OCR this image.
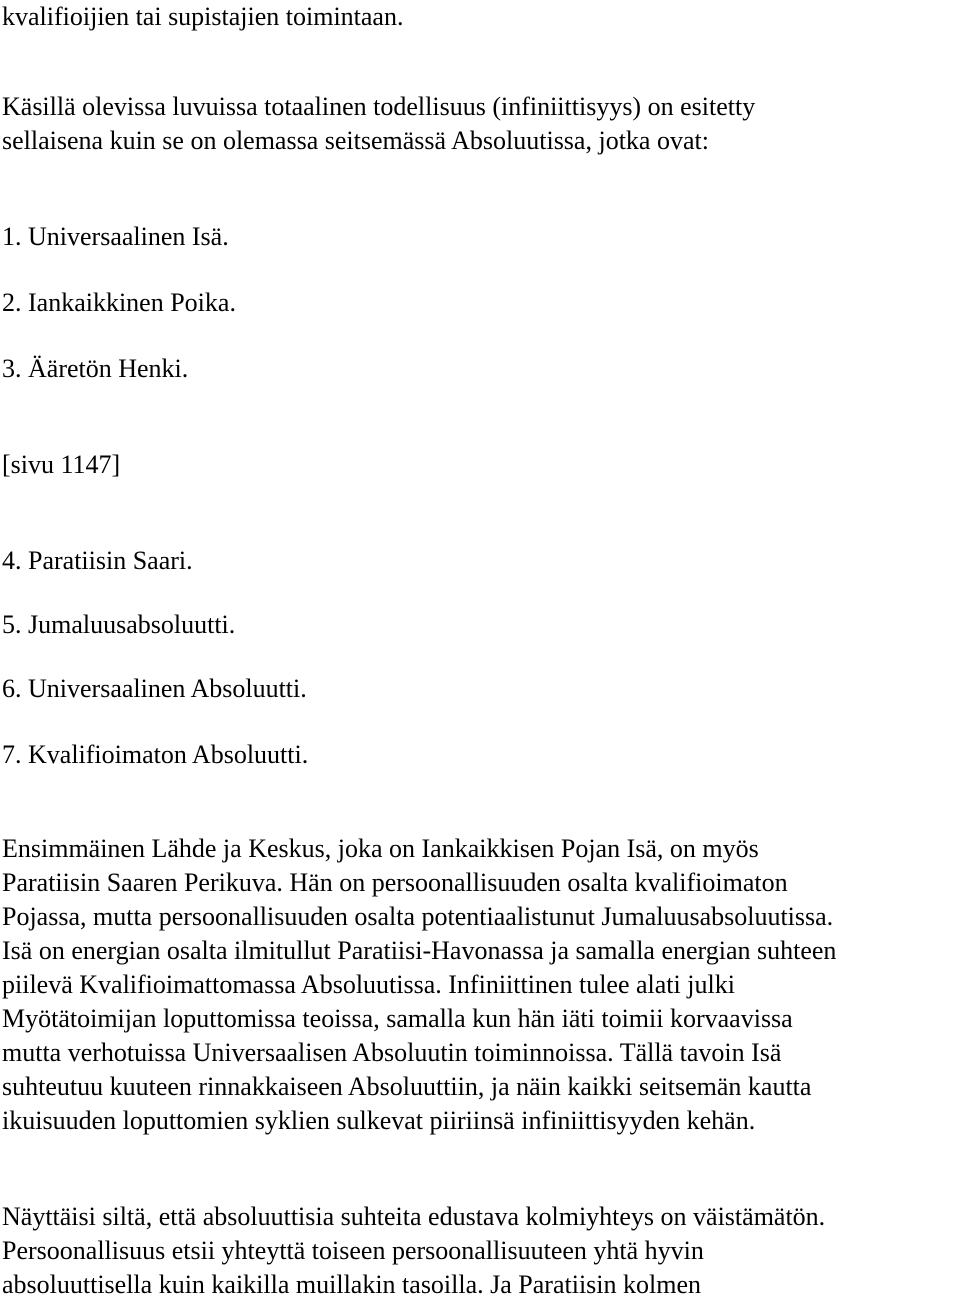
kvalifioijien tai supistajien toimintaan.
Käsillä olevissa luvuissa totaalinen todellisuus (infiniittisyys) on esitetty
sellaisena kuin se on olemassa seitsemässä Absoluutissa, jotka ovat:
1. Universaalinen Isä.
2. Iankaikkinen Poika.
3. Ääretön Henki.
[sivu 1147]
4. Paratiisin Saari.
5. Jumaluusabsoluutti.
6. Universaalinen Absoluutti.
7. Kvalifioimaton Absoluutti.
Ensimmäinen Lähde ja Keskus, joka on Iankaikkisen Pojan Isä, on myös
Paratiisin Saaren Perikuva. Hän on persoonallisuuden osalta kvalifioimaton
Pojassa, mutta persoonallisuuden osalta potentiaalistunut Jumaluusabsoluutissa.
Isä on energian osalta ilmitullut Paratiisi-Havonassa ja samalla energian suhteen
piilevä Kvalifioimattomassa Absoluutissa. Infiniittinen tulee alati julki
Myötätoimijan loputtomissa teoissa, samalla kun hän iäti toimii korvaavissa
mutta verhotuissa Universaalisen Absoluutin toiminnoissa. Tällä tavoin Isä
suhteutuu kuuteen rinnakkaiseen Absoluuttiin, ja näin kaikki seitsemän kautta
ikuisuuden loputtomien syklien sulkevat piiriinsä infiniittisyyden kehän.
Näyttäisi siltä, että absoluuttisia suhteita edustava kolmiyhteys on väistämätön.
Persoonallisuus etsii yhteyttä toiseen persoonallisuuteen yhtä hyvin
absoluuttisella kuin kaikilla muillakin tasoilla. Ja Paratiisin kolmen
